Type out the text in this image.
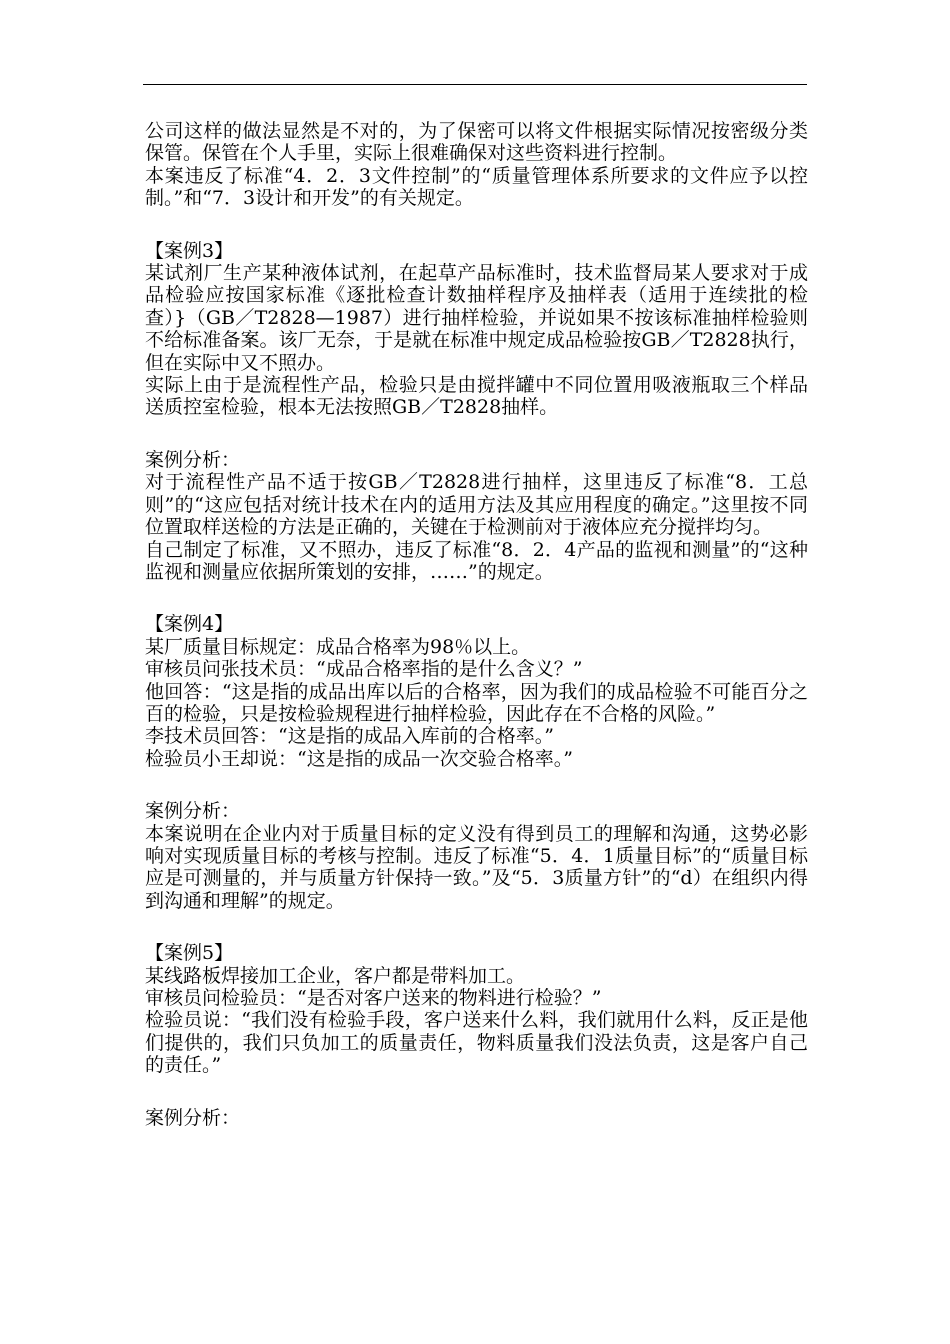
公司这样的做法显然是不对的，为了保密可以将文件根据实际情况按密级分类保管。保管在个人手里，实际上很难确保对这些资料进行控制。

本案违反了标准“4．2．3文件控制”的“质量管理体系所要求的文件应予以控制。”和“7．3设计和开发”的有关规定。

【案例3】

某试剂厂生产某种液体试剂，在起草产品标准时，技术监督局某人要求对于成品检验应按国家标准《逐批检查计数抽样程序及抽样表（适用于连续批的检查）}（GB／T2828—1987）进行抽样检验，并说如果不按该标准抽样检验则不给标准备案。该厂无奈，于是就在标准中规定成品检验按GB／T2828执行，但在实际中又不照办。

实际上由于是流程性产品，检验只是由搅拌罐中不同位置用吸液瓶取三个样品送质控室检验，根本无法按照GB／T2828抽样。

案例分析：

对于流程性产品不适于按GB／T2828进行抽样，这里违反了标准“8．工总则”的“这应包括对统计技术在内的适用方法及其应用程度的确定。”这里按不同位置取样送检的方法是正确的，关键在于检测前对于液体应充分搅拌均匀。

自己制定了标准，又不照办，违反了标准“8．2．4产品的监视和测量”的“这种监视和测量应依据所策划的安排，……”的规定。

【案例4】

某厂质量目标规定：成品合格率为98％以上。

审核员问张技术员：“成品合格率指的是什么含义？”

他回答：“这是指的成品出库以后的合格率，因为我们的成品检验不可能百分之百的检验，只是按检验规程进行抽样检验，因此存在不合格的风险。”

李技术员回答：“这是指的成品入库前的合格率。”

检验员小王却说：“这是指的成品一次交验合格率。”

案例分析：

本案说明在企业内对于质量目标的定义没有得到员工的理解和沟通，这势必影响对实现质量目标的考核与控制。违反了标准“5．4．1质量目标”的“质量目标应是可测量的，并与质量方针保持一致。”及“5．3质量方针”的“d）在组织内得到沟通和理解”的规定。

【案例5】

某线路板焊接加工企业，客户都是带料加工。

审核员问检验员：“是否对客户送来的物料进行检验？”

检验员说：“我们没有检验手段，客户送来什么料，我们就用什么料，反正是他们提供的，我们只负加工的质量责任，物料质量我们没法负责，这是客户自己的责任。”

案例分析：
